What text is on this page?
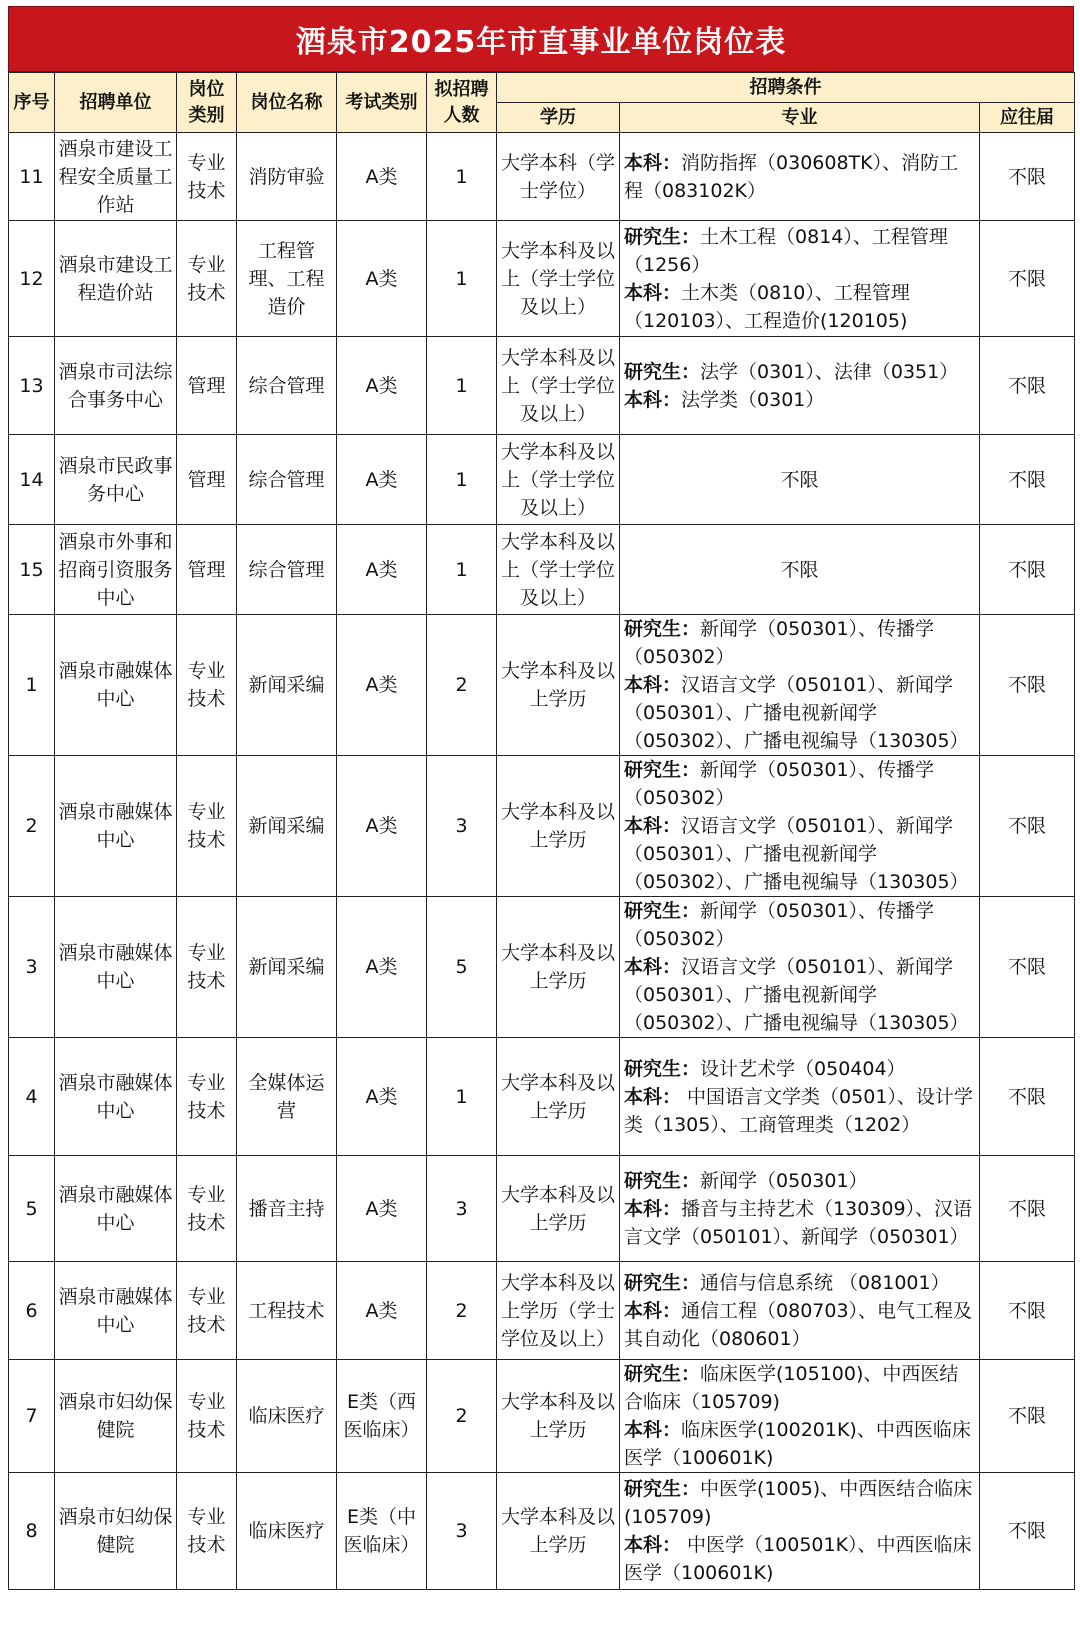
酒泉市2025年市直事业单位岗位表
序号	招聘单位	岗位类别	岗位名称	考试类别	拟招聘人数	招聘条件		
						学历	专业	应往届
11	酒泉市建设工程安全质量工作站	专业技术	消防审验	A类	1	大学本科（学士学位）	本科：消防指挥（030608TK）、消防工程（083102K）	不限
12	酒泉市建设工程造价站	专业技术	工程管理、工程造价	A类	1	大学本科及以上（学士学位及以上）	研究生：土木工程（0814）、工程管理（1256）
本科：土木类（0810）、工程管理（120103）、工程造价(120105)	不限
13	酒泉市司法综合事务中心	管理	综合管理	A类	1	大学本科及以上（学士学位及以上）	研究生：法学（0301）、法律（0351）
本科：法学类（0301）	不限
14	酒泉市民政事务中心	管理	综合管理	A类	1	大学本科及以上（学士学位及以上）	不限	不限
15	酒泉市外事和招商引资服务中心	管理	综合管理	A类	1	大学本科及以上（学士学位及以上）	不限	不限
1	酒泉市融媒体中心	专业技术	新闻采编	A类	2	大学本科及以上学历	研究生：新闻学（050301）、传播学（050302）
本科：汉语言文学（050101）、新闻学（050301）、广播电视新闻学（050302）、广播电视编导（130305）	不限
2	酒泉市融媒体中心	专业技术	新闻采编	A类	3	大学本科及以上学历	研究生：新闻学（050301）、传播学（050302）
本科：汉语言文学（050101）、新闻学（050301）、广播电视新闻学（050302）、广播电视编导（130305）	不限
3	酒泉市融媒体中心	专业技术	新闻采编	A类	5	大学本科及以上学历	研究生：新闻学（050301）、传播学（050302）
本科：汉语言文学（050101）、新闻学（050301）、广播电视新闻学（050302）、广播电视编导（130305）	不限
4	酒泉市融媒体中心	专业技术	全媒体运营	A类	1	大学本科及以上学历	研究生：设计艺术学（050404）
本科： 中国语言文学类（0501）、设计学类（1305）、工商管理类（1202）	不限
5	酒泉市融媒体中心	专业技术	播音主持	A类	3	大学本科及以上学历	研究生：新闻学（050301）
本科：播音与主持艺术（130309）、汉语言文学（050101）、新闻学（050301）	不限
6	酒泉市融媒体中心	专业技术	工程技术	A类	2	大学本科及以上学历（学士学位及以上）	研究生：通信与信息系统 （081001）
本科：通信工程（080703）、电气工程及其自动化（080601）	不限
7	酒泉市妇幼保健院	专业技术	临床医疗	E类（西医临床）	2	大学本科及以上学历	研究生：临床医学(105100)、中西医结合临床（105709)
本科：临床医学(100201K)、中西医临床医学（100601K)	不限
8	酒泉市妇幼保健院	专业技术	临床医疗	E类（中医临床）	3	大学本科及以上学历	研究生：中医学(1005)、中西医结合临床(105709)
本科： 中医学（100501K）、中西医临床医学（100601K)	不限
